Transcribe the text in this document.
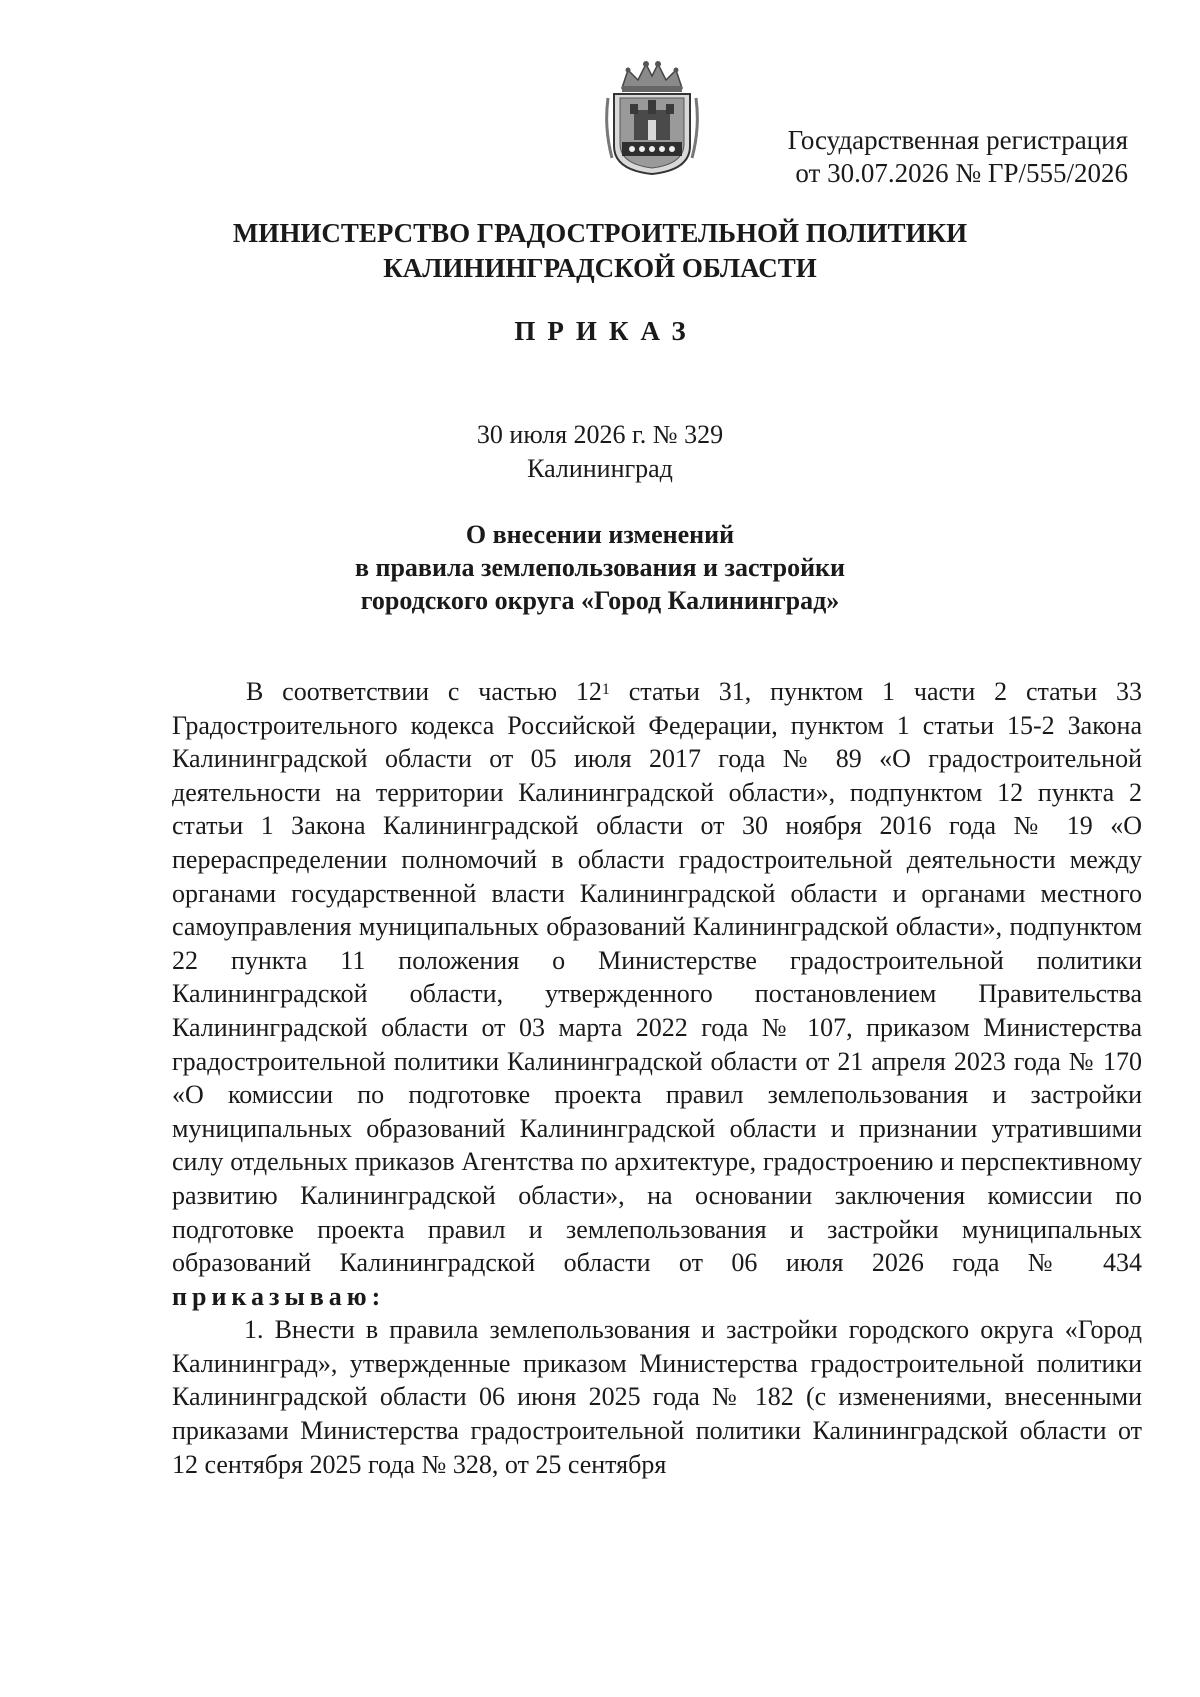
Государственная регистрация
от 30.07.2026 № ГР/555/2026
МИНИСТЕРСТВО ГРАДОСТРОИТЕЛЬНОЙ ПОЛИТИКИ
КАЛИНИНГРАДСКОЙ ОБЛАСТИ
ПРИКАЗ
30 июля 2026 г. № 329
Калининград
О внесении изменений
в правила землепользования и застройки
городского округа «Город Калининград»

В соответствии с частью $12^1$ статьи 31, пунктом 1 части 2 статьи 33 Градостроительного кодекса Российской Федерации, пунктом 1 статьи 15-2 Закона Калининградской области от 05 июля 2017 года № 89 «О градостроительной деятельности на территории Калининградской области», подпунктом 12 пункта 2 статьи 1 Закона Калининградской области от 30 ноября 2016 года № 19 «О перераспределении полномочий в области градостроительной деятельности между органами государственной власти Калининградской области и органами местного самоуправления муниципальных образований Калининградской области», подпунктом 22 пункта 11 положения о Министерстве градостроительной политики Калининградской области, утвержденного постановлением Правительства Калининградской области от 03 марта 2022 года № 107, приказом Министерства градостроительной политики Калининградской области от 21 апреля 2023 года № 170 «О комиссии по подготовке проекта правил землепользования и застройки муниципальных образований Калининградской области и признании утратившими силу отдельных приказов Агентства по архитектуре, градостроению и перспективному развитию Калининградской области», на основании заключения комиссии по подготовке проекта правил и землепользования и застройки муниципальных образований Калининградской области от 06 июля 2026 года № 434 приказываю:

1. Внести в правила землепользования и застройки городского округа «Город Калининград», утвержденные приказом Министерства градостроительной политики Калининградской области 06 июня 2025 года № 182 (с изменениями, внесенными приказами Министерства градостроительной политики Калининградской области от 12 сентября 2025 года № 328, от 25 сентября
